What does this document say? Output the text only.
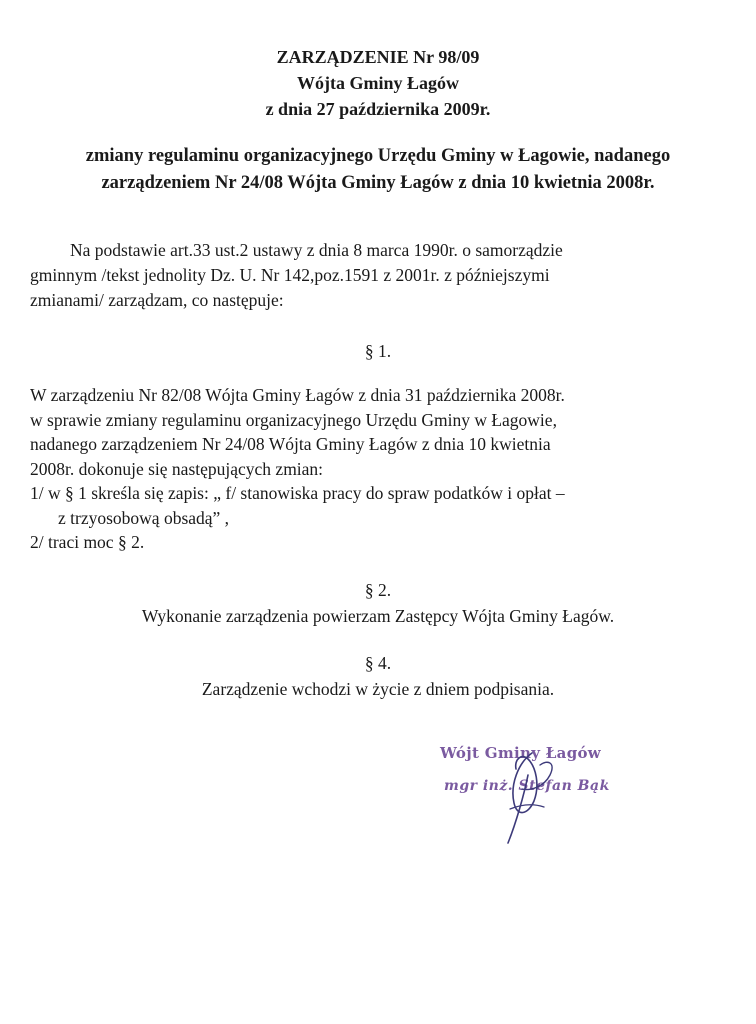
ZARZĄDZENIE Nr 98/09
Wójta Gminy Łagów
z dnia 27 października 2009r.
zmiany regulaminu organizacyjnego Urzędu Gminy w Łagowie, nadanego
zarządzeniem Nr 24/08 Wójta Gminy Łagów z dnia 10 kwietnia 2008r.
Na podstawie art.33 ust.2 ustawy z dnia 8 marca 1990r. o samorządzie
gminnym /tekst jednolity Dz. U. Nr 142,poz.1591 z 2001r. z późniejszymi
zmianami/ zarządzam, co następuje:
§ 1.
W zarządzeniu Nr 82/08 Wójta Gminy Łagów z dnia 31 października 2008r.
w sprawie zmiany regulaminu organizacyjnego Urzędu Gminy w Łagowie,
nadanego zarządzeniem Nr 24/08 Wójta Gminy Łagów z dnia 10 kwietnia
2008r. dokonuje się następujących zmian:
1/ w § 1 skreśla się zapis: „ f/ stanowiska pracy do spraw podatków i opłat –
z trzyosobową obsadą” ,
2/ traci moc § 2.
§ 2.
Wykonanie zarządzenia powierzam Zastępcy Wójta Gminy Łagów.
§ 4.
Zarządzenie wchodzi w życie z dniem podpisania.
Wójt Gminy Łagów
mgr inż. Stefan Bąk
